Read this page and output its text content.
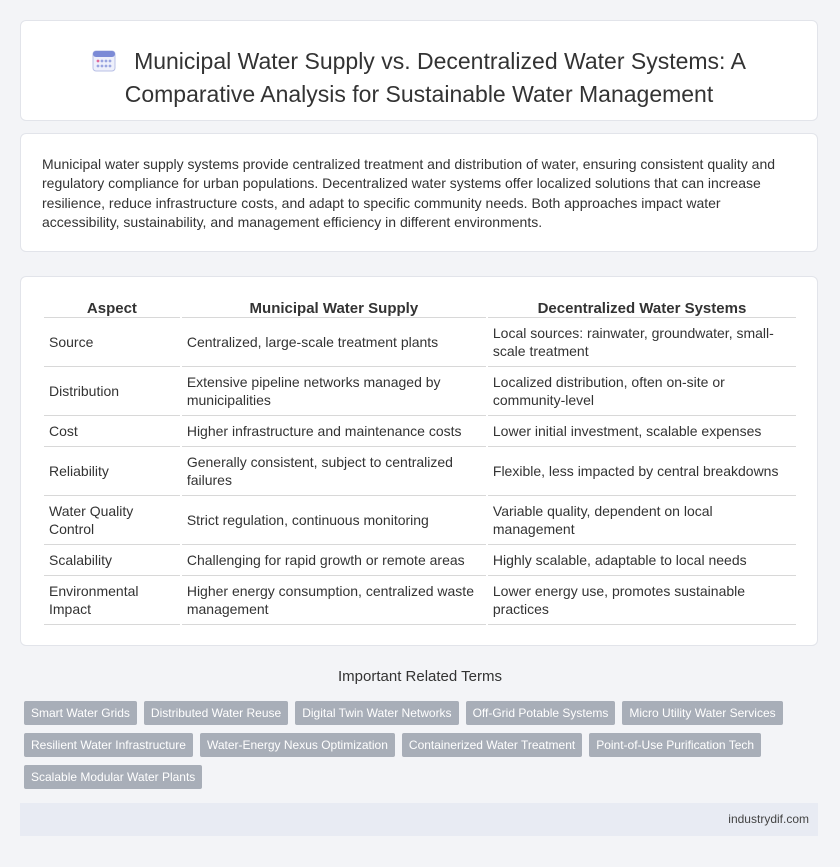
Municipal Water Supply vs. Decentralized Water Systems: A
Comparative Analysis for Sustainable Water Management

Municipal water supply systems provide centralized treatment and distribution of water, ensuring consistent quality and regulatory compliance for urban populations. Decentralized water systems offer localized solutions that can increase resilience, reduce infrastructure costs, and adapt to specific community needs. Both approaches impact water accessibility, sustainability, and management efficiency in different environments.

Aspect	Municipal Water Supply	Decentralized Water Systems
Source	Centralized, large-scale treatment plants	Local sources: rainwater, groundwater, small-scale treatment
Distribution	Extensive pipeline networks managed by municipalities	Localized distribution, often on-site or community-level
Cost	Higher infrastructure and maintenance costs	Lower initial investment, scalable expenses
Reliability	Generally consistent, subject to centralized failures	Flexible, less impacted by central breakdowns
Water Quality Control	Strict regulation, continuous monitoring	Variable quality, dependent on local management
Scalability	Challenging for rapid growth or remote areas	Highly scalable, adaptable to local needs
Environmental Impact	Higher energy consumption, centralized waste management	Lower energy use, promotes sustainable practices
Important Related Terms
Smart Water Grids	Distributed Water Reuse	Digital Twin Water Networks	Off-Grid Potable Systems	Micro Utility Water Services
Resilient Water Infrastructure	Water-Energy Nexus Optimization	Containerized Water Treatment	Point-of-Use Purification Tech
Scalable Modular Water Plants
industrydif.com
